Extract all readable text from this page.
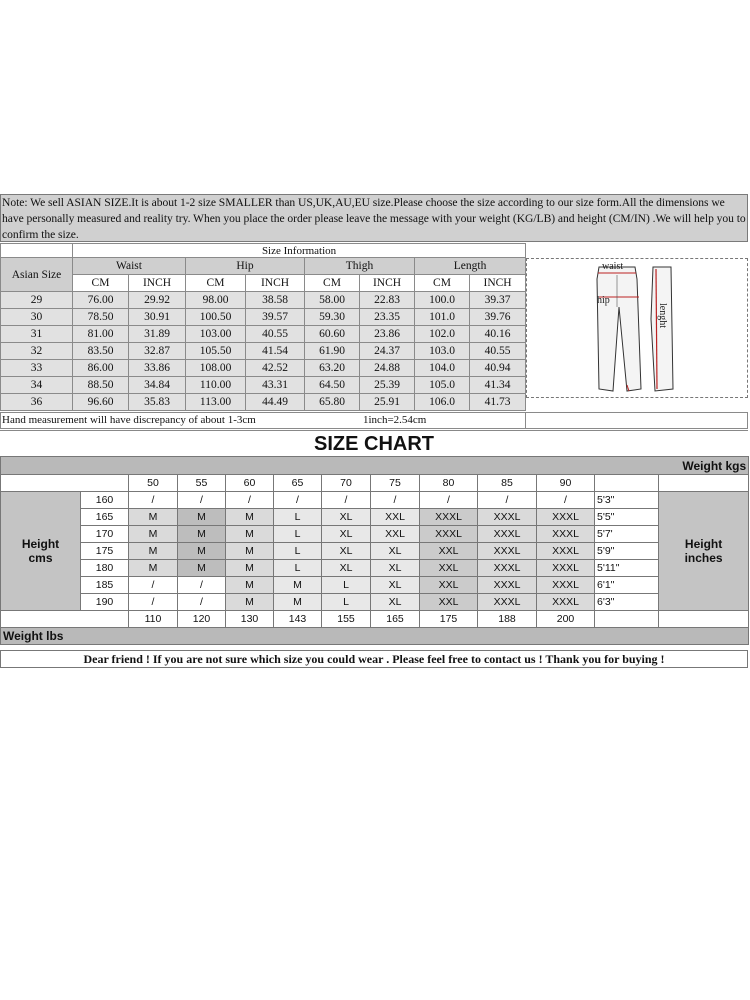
Note: We sell ASIAN SIZE.It is about 1-2 size SMALLER than US,UK,AU,EU size.Please choose the size according to our size form.All the dimensions we have personally measured and reality try. When you place the order please leave the message with your weight (KG/LB) and height (CM/IN) .We will help you to confirm the size.
	Size Information							
Asian Size	Waist		Hip		Thigh		Length	
	CM	INCH	CM	INCH	CM	INCH	CM	INCH
29	76.00	29.92	98.00	38.58	58.00	22.83	100.0	39.37
30	78.50	30.91	100.50	39.57	59.30	23.35	101.0	39.76
31	81.00	31.89	103.00	40.55	60.60	23.86	102.0	40.16
32	83.50	32.87	105.50	41.54	61.90	24.37	103.0	40.55
33	86.00	33.86	108.00	42.52	63.20	24.88	104.0	40.94
34	88.50	34.84	110.00	43.31	64.50	25.39	105.0	41.34
36	96.60	35.83	113.00	44.49	65.80	25.91	106.0	41.73
waist
hip
lenght
Hand measurement will have discrepancy of about 1-3cm	1inch=2.54cm
SIZE CHART
Weight kgs												
		50	55	60	65	70	75	80	85	90		
Height cms	160	/	/	/	/	/	/	/	/	/	5'3"	Height inches
	165	M	M	M	L	XL	XXL	XXXL	XXXL	XXXL	5'5"	
	170	M	M	M	L	XL	XXL	XXXL	XXXL	XXXL	5'7'	
	175	M	M	M	L	XL	XL	XXL	XXXL	XXXL	5'9"	
	180	M	M	M	L	XL	XL	XXL	XXXL	XXXL	5'11"	
	185	/	/	M	M	L	XL	XXL	XXXL	XXXL	6'1"	
	190	/	/	M	M	L	XL	XXL	XXXL	XXXL	6'3"	
		110	120	130	143	155	165	175	188	200		
Weight lbs												
Dear friend ! If you are not sure which size you could wear . Please feel free to contact us ! Thank you for buying !
